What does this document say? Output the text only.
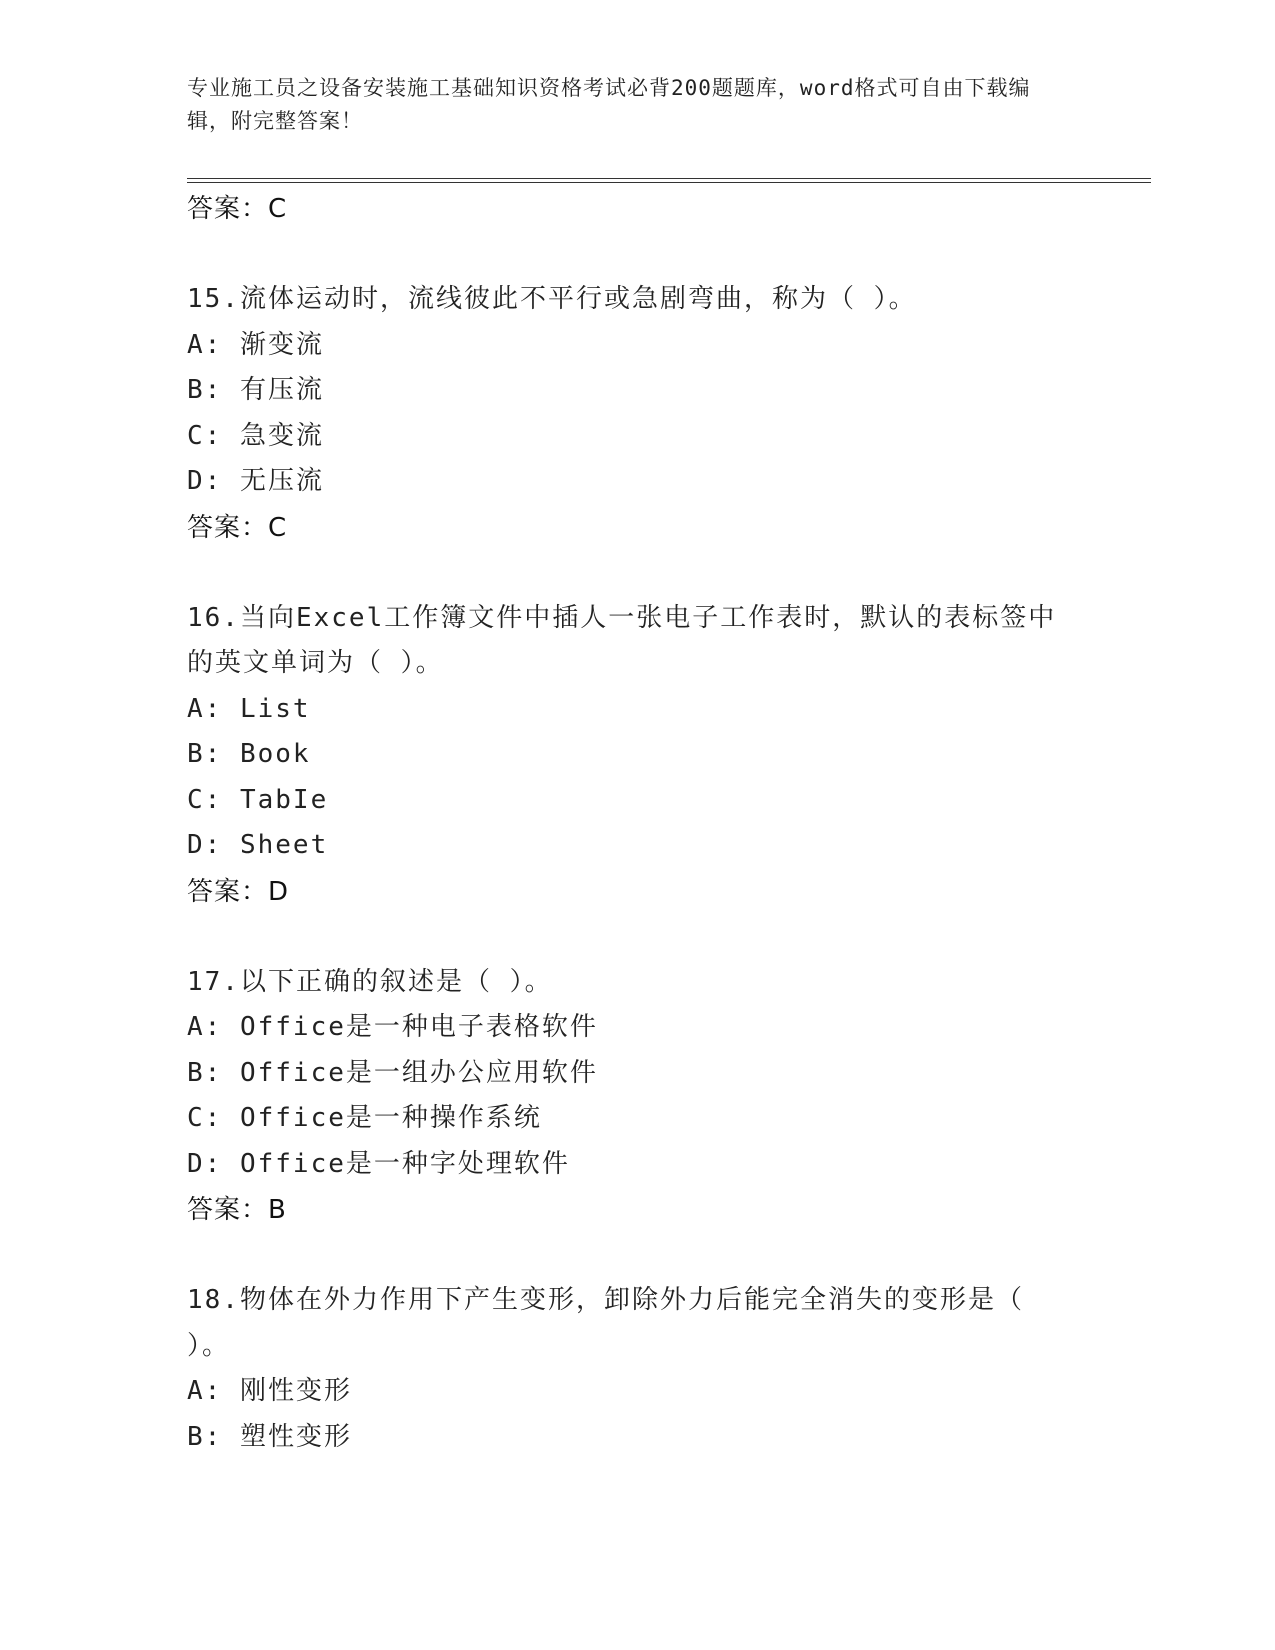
专业施工员之设备安装施工基础知识资格考试必背200题题库，word格式可自由下载编辑，附完整答案！
答案：C
15.流体运动时，流线彼此不平行或急剧弯曲，称为（ ）。
A: 渐变流
B: 有压流
C: 急变流
D: 无压流
答案：C
16.当向Excel工作簿文件中插人一张电子工作表时，默认的表标签中的英文单词为（ ）。
A: List
B: Book
C: TabIe
D: Sheet
答案：D
17.以下正确的叙述是（ ）。
A: Office是一种电子表格软件
B: Office是一组办公应用软件
C: Office是一种操作系统
D: Office是一种字处理软件
答案：B
18.物体在外力作用下产生变形，卸除外力后能完全消失的变形是（ ）。
A: 刚性变形
B: 塑性变形
